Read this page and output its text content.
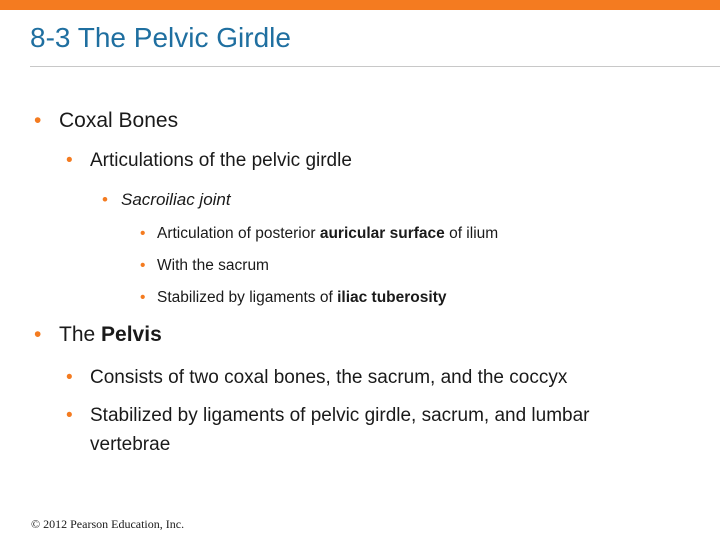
8-3 The Pelvic Girdle
• Coxal Bones
• Articulations of the pelvic girdle
• Sacroiliac joint
• Articulation of posterior auricular surface of ilium
• With the sacrum
• Stabilized by ligaments of iliac tuberosity
• The Pelvis
• Consists of two coxal bones, the sacrum, and the coccyx
• Stabilized by ligaments of pelvic girdle, sacrum, and lumbar
vertebrae
© 2012 Pearson Education, Inc.
